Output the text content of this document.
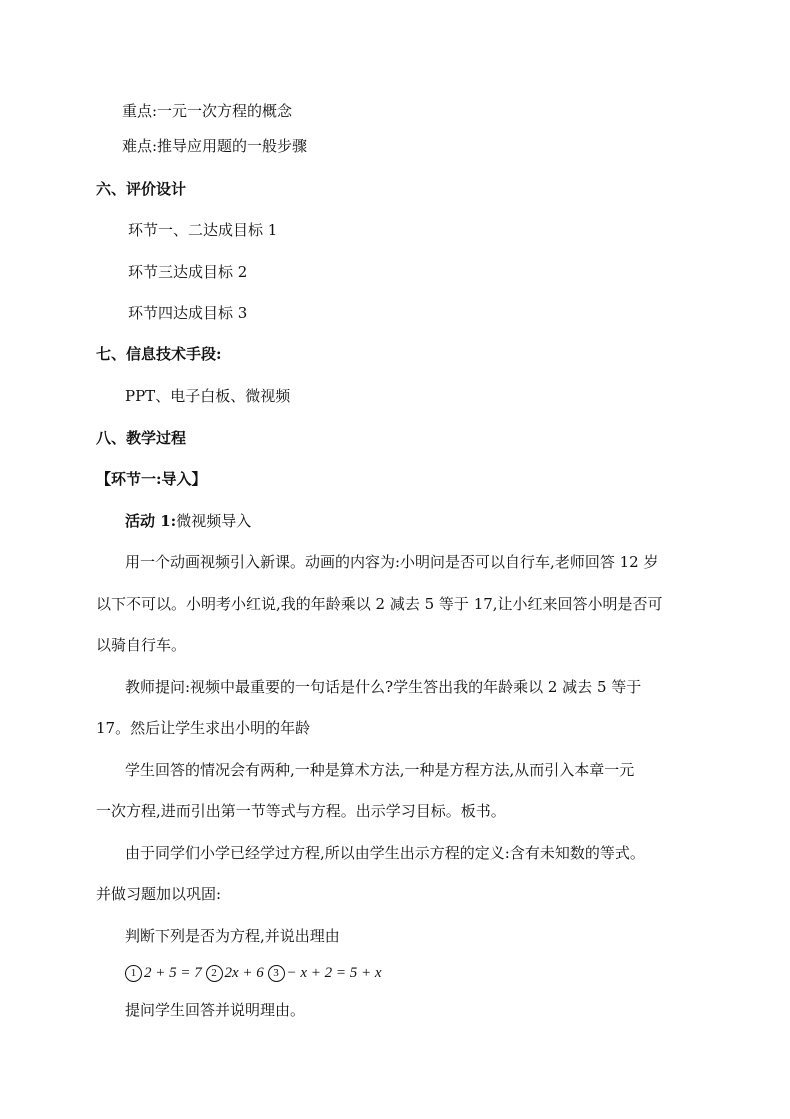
重点:一元一次方程的概念
难点:推导应用题的一般步骤
六、评价设计
环节一、二达成目标 1
环节三达成目标 2
环节四达成目标 3
七、信息技术手段:
PPT、电子白板、微视频
八、教学过程
【环节一:导入】
活动 1:微视频导入
用一个动画视频引入新课。动画的内容为:小明问是否可以自行车,老师回答 12 岁
以下不可以。小明考小红说,我的年龄乘以 2 减去 5 等于 17,让小红来回答小明是否可
以骑自行车。
教师提问:视频中最重要的一句话是什么?学生答出我的年龄乘以 2 减去 5 等于
17。然后让学生求出小明的年龄
学生回答的情况会有两种,一种是算术方法,一种是方程方法,从而引入本章一元
一次方程,进而引出第一节等式与方程。出示学习目标。板书。
由于同学们小学已经学过方程,所以由学生出示方程的定义:含有未知数的等式。
并做习题加以巩固:
判断下列是否为方程,并说出理由
1 2 + 5 = 7 2 2x + 6 3 − x + 2 = 5 + x
提问学生回答并说明理由。
